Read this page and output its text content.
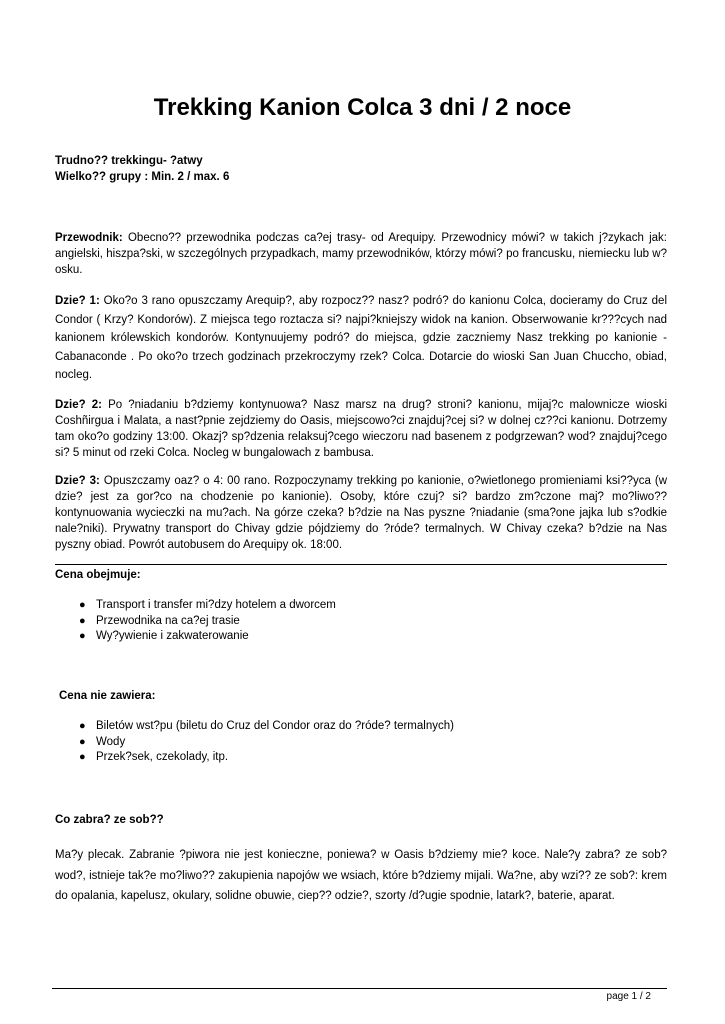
Trekking Kanion Colca 3 dni / 2 noce
Trudno?? trekkingu- ?atwy
Wielko?? grupy : Min. 2 / max. 6

Przewodnik: Obecno?? przewodnika podczas ca?ej trasy- od Arequipy. Przewodnicy mówi? w takich j?zykach jak: angielski, hiszpa?ski, w szczególnych przypadkach, mamy przewodników, którzy mówi? po francusku, niemiecku lub w?osku.

Dzie? 1: Oko?o 3 rano opuszczamy Arequip?, aby rozpocz?? nasz? podró? do kanionu Colca, docieramy do Cruz del Condor ( Krzy? Kondorów). Z miejsca tego roztacza si? najpi?kniejszy widok na kanion. Obserwowanie kr???cych nad kanionem królewskich kondorów. Kontynuujemy podró? do miejsca, gdzie zaczniemy Nasz trekking po kanionie - Cabanaconde . Po oko?o trzech godzinach przekroczymy rzek? Colca. Dotarcie do wioski San Juan Chuccho, obiad, nocleg.

Dzie? 2: Po ?niadaniu b?dziemy kontynuowa? Nasz marsz na drug? stroni? kanionu, mijaj?c malownicze wioski Coshñirgua i Malata, a nast?pnie zejdziemy do Oasis, miejscowo?ci znajduj?cej si? w dolnej cz??ci kanionu. Dotrzemy tam oko?o godziny 13:00. Okazj? sp?dzenia relaksuj?cego wieczoru nad basenem z podgrzewan? wod? znajduj?cego si? 5 minut od rzeki Colca. Nocleg w bungalowach z bambusa.

Dzie? 3: Opuszczamy oaz? o 4: 00 rano. Rozpoczynamy trekking po kanionie, o?wietlonego promieniami ksi??yca (w dzie? jest za gor?co na chodzenie po kanionie). Osoby, które czuj? si? bardzo zm?czone maj? mo?liwo?? kontynuowania wycieczki na mu?ach. Na górze czeka? b?dzie na Nas pyszne ?niadanie (sma?one jajka lub s?odkie nale?niki). Prywatny transport do Chivay gdzie pójdziemy do ?róde? termalnych. W Chivay czeka? b?dzie na Nas pyszny obiad. Powrót autobusem do Arequipy ok. 18:00.

Cena obejmuje:
● Transport i transfer mi?dzy hotelem a dworcem
● Przewodnika na ca?ej trasie
● Wy?ywienie i zakwaterowanie
Cena nie zawiera:
● Biletów wst?pu (biletu do Cruz del Condor oraz do ?róde? termalnych)
● Wody
● Przek?sek, czekolady, itp.
Co zabra? ze sob??

Ma?y plecak. Zabranie ?piwora nie jest konieczne, poniewa? w Oasis b?dziemy mie? koce. Nale?y zabra? ze sob? wod?, istnieje tak?e mo?liwo?? zakupienia napojów we wsiach, które b?dziemy mijali. Wa?ne, aby wzi?? ze sob?: krem do opalania, kapelusz, okulary, solidne obuwie, ciep?? odzie?, szorty /d?ugie spodnie, latark?, baterie, aparat.

page 1 / 2
